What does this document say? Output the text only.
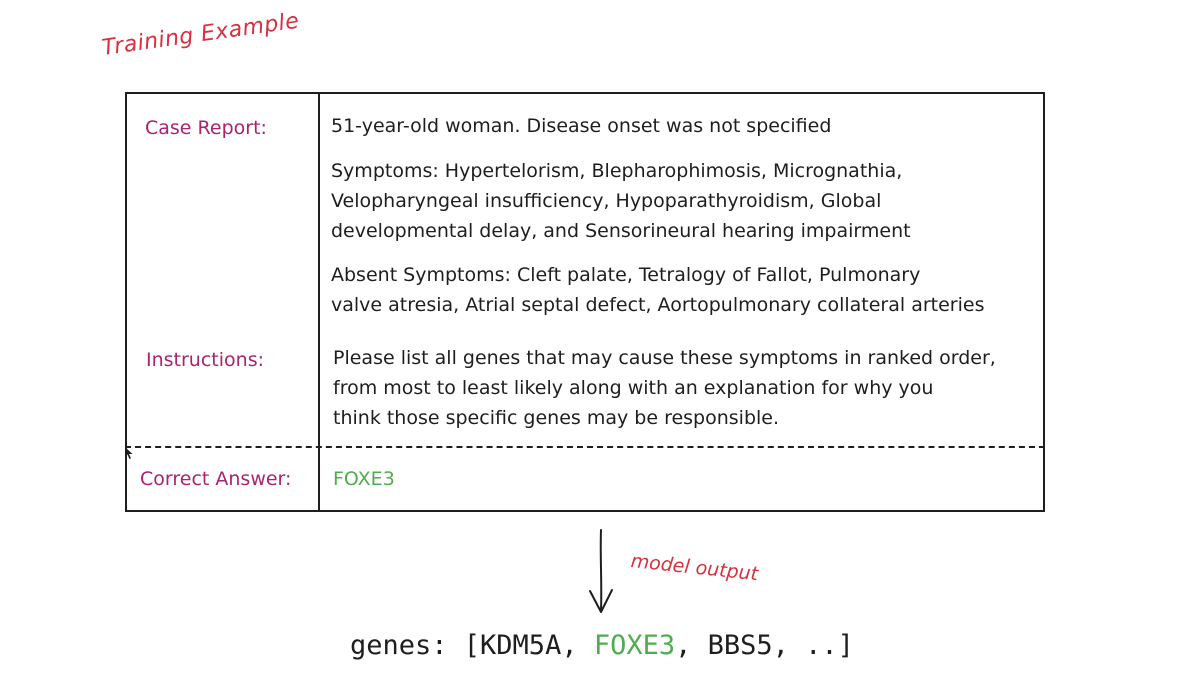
Training Example
Case Report:	51-year-old woman. Disease onset was not specified
Symptoms: Hypertelorism, Blepharophimosis, Micrognathia,
Velopharyngeal insufficiency, Hypoparathyroidism, Global
developmental delay, and Sensorineural hearing impairment
Absent Symptoms: Cleft palate, Tetralogy of Fallot, Pulmonary
valve atresia, Atrial septal defect, Aortopulmonary collateral arteries
Instructions:	Please list all genes that may cause these symptoms in ranked order,
from most to least likely along with an explanation for why you
think those specific genes may be responsible.
Correct Answer: FOXE3
model output
genes: [KDM5A, FOXE3, BBS5, ..]
